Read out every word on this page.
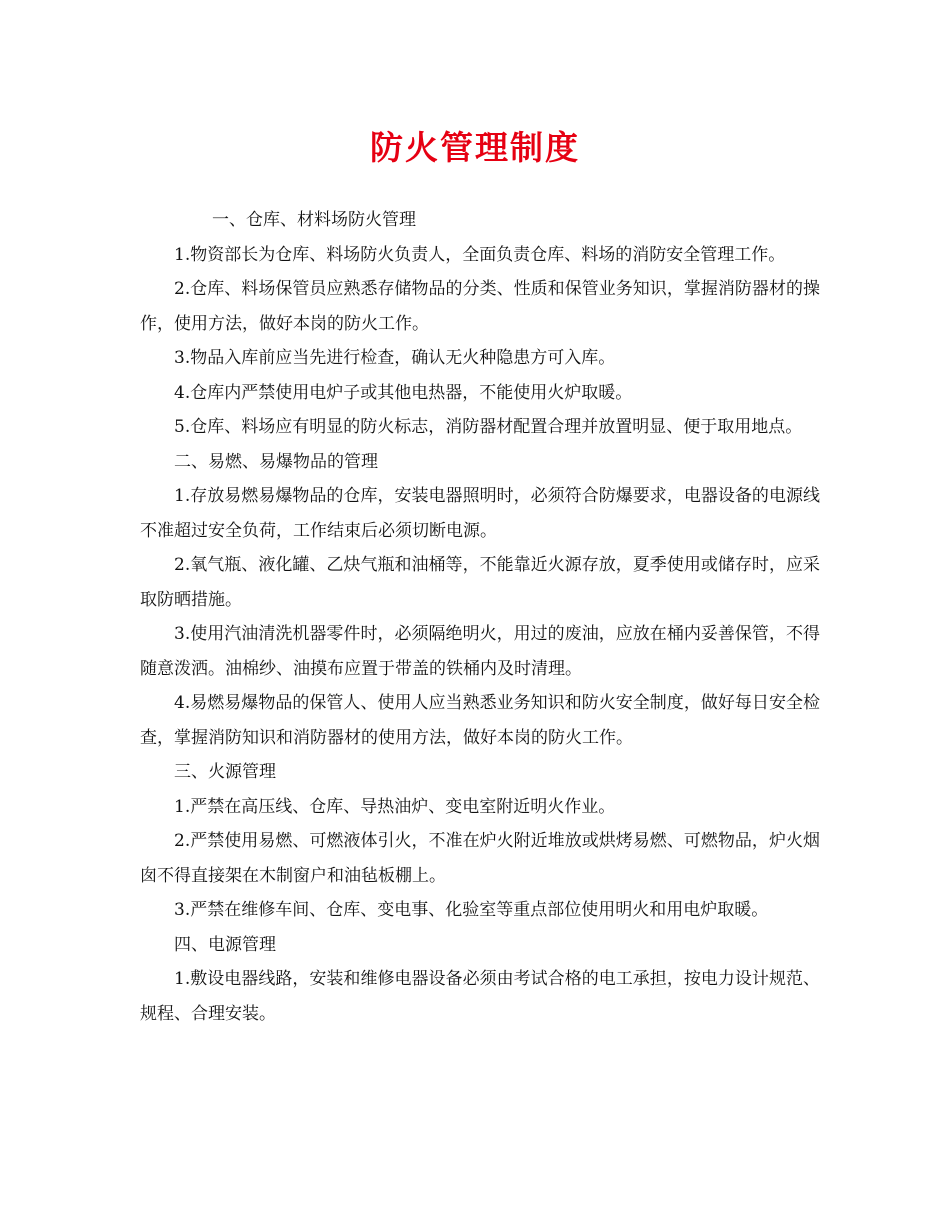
防火管理制度

一、仓库、材料场防火管理

1.物资部长为仓库、料场防火负责人，全面负责仓库、料场的消防安全管理工作。

2.仓库、料场保管员应熟悉存储物品的分类、性质和保管业务知识，掌握消防器材的操作，使用方法，做好本岗的防火工作。

3.物品入库前应当先进行检查，确认无火种隐患方可入库。

4.仓库内严禁使用电炉子或其他电热器，不能使用火炉取暖。

5.仓库、料场应有明显的防火标志，消防器材配置合理并放置明显、便于取用地点。

二、易燃、易爆物品的管理

1.存放易燃易爆物品的仓库，安装电器照明时，必须符合防爆要求，电器设备的电源线不准超过安全负荷，工作结束后必须切断电源。

2.氧气瓶、液化罐、乙炔气瓶和油桶等，不能靠近火源存放，夏季使用或储存时，应采取防晒措施。

3.使用汽油清洗机器零件时，必须隔绝明火，用过的废油，应放在桶内妥善保管，不得随意泼洒。油棉纱、油摸布应置于带盖的铁桶内及时清理。

4.易燃易爆物品的保管人、使用人应当熟悉业务知识和防火安全制度，做好每日安全检查，掌握消防知识和消防器材的使用方法，做好本岗的防火工作。

三、火源管理

1.严禁在高压线、仓库、导热油炉、变电室附近明火作业。

2.严禁使用易燃、可燃液体引火，不准在炉火附近堆放或烘烤易燃、可燃物品，炉火烟囱不得直接架在木制窗户和油毡板棚上。

3.严禁在维修车间、仓库、变电事、化验室等重点部位使用明火和用电炉取暖。

四、电源管理

1.敷设电器线路，安装和维修电器设备必须由考试合格的电工承担，按电力设计规范、规程、合理安装。
